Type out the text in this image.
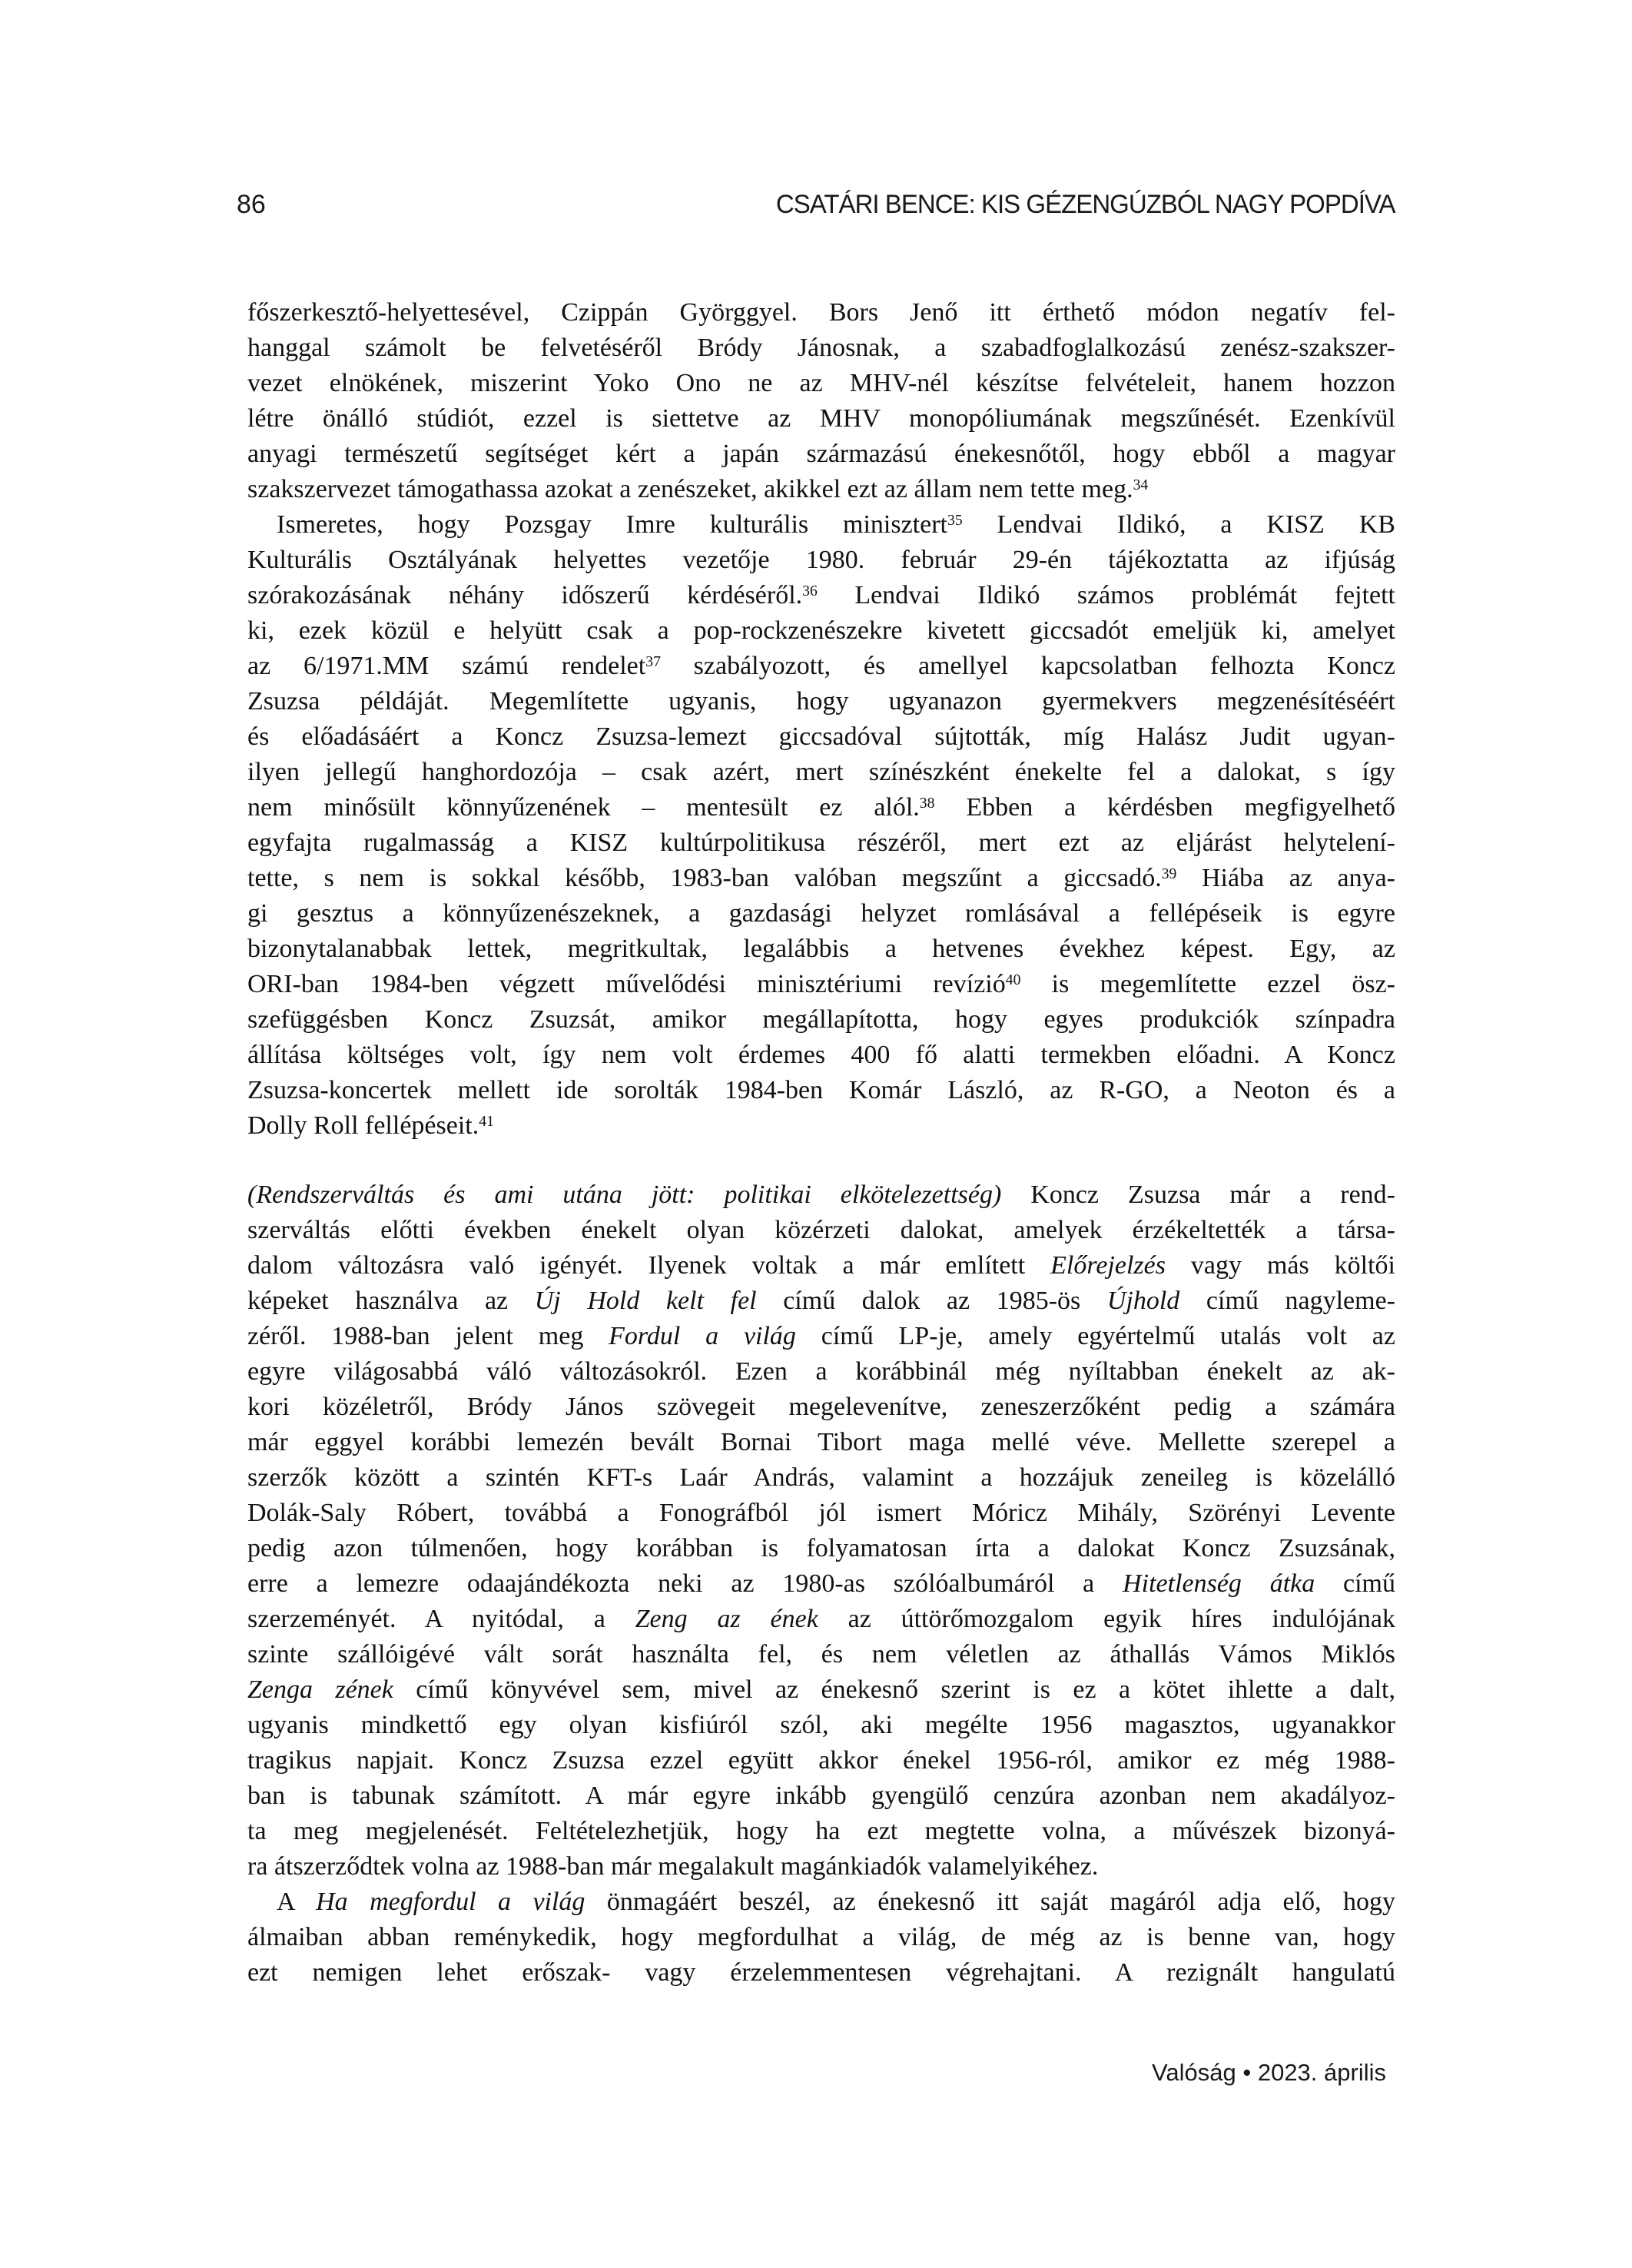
86	CSATÁRI BENCE: KIS GÉZENGÚZBÓL NAGY POPDÍVA
főszerkesztő-helyettesével, Czippán Györggyel. Bors Jenő itt érthető módon negatív fel-
hanggal számolt be felvetéséről Bródy Jánosnak, a szabadfoglalkozású zenész-szakszer-
vezet elnökének, miszerint Yoko Ono ne az MHV-nél készítse felvételeit, hanem hozzon
létre önálló stúdiót, ezzel is siettetve az MHV monopóliumának megszűnését. Ezenkívül
anyagi természetű segítséget kért a japán származású énekesnőtől, hogy ebből a magyar
szakszervezet támogathassa azokat a zenészeket, akikkel ezt az állam nem tette meg.$^{34}$
Ismeretes, hogy Pozsgay Imre kulturális minisztert$^{35}$ Lendvai Ildikó, a KISZ KB
Kulturális Osztályának helyettes vezetője 1980. február 29-én tájékoztatta az ifjúság
szórakozásának néhány időszerű kérdéséről.$^{36}$ Lendvai Ildikó számos problémát fejtett
ki, ezek közül e helyütt csak a pop-rockzenészekre kivetett giccsadót emeljük ki, amelyet
az 6/1971.MM számú rendelet$^{37}$ szabályozott, és amellyel kapcsolatban felhozta Koncz
Zsuzsa példáját. Megemlítette ugyanis, hogy ugyanazon gyermekvers megzenésítéséért
és előadásáért a Koncz Zsuzsa-lemezt giccsadóval sújtották, míg Halász Judit ugyan-
ilyen jellegű hanghordozója – csak azért, mert színészként énekelte fel a dalokat, s így
nem minősült könnyűzenének – mentesült ez alól.$^{38}$ Ebben a kérdésben megfigyelhető
egyfajta rugalmasság a KISZ kultúrpolitikusa részéről, mert ezt az eljárást helytelení-
tette, s nem is sokkal később, 1983-ban valóban megszűnt a giccsadó.$^{39}$ Hiába az anya-
gi gesztus a könnyűzenészeknek, a gazdasági helyzet romlásával a fellépéseik is egyre
bizonytalanabbak lettek, megritkultak, legalábbis a hetvenes évekhez képest. Egy, az
ORI-ban 1984-ben végzett művelődési minisztériumi revízió$^{40}$ is megemlítette ezzel ösz-
szefüggésben Koncz Zsuzsát, amikor megállapította, hogy egyes produkciók színpadra
állítása költséges volt, így nem volt érdemes 400 fő alatti termekben előadni. A Koncz
Zsuzsa-koncertek mellett ide sorolták 1984-ben Komár László, az R-GO, a Neoton és a
Dolly Roll fellépéseit.$^{41}$
(Rendszerváltás és ami utána jött: politikai elkötelezettség) Koncz Zsuzsa már a rend-
szerváltás előtti években énekelt olyan közérzeti dalokat, amelyek érzékeltették a társa-
dalom változásra való igényét. Ilyenek voltak a már említett Előrejelzés vagy más költői
képeket használva az Új Hold kelt fel című dalok az 1985-ös Újhold című nagyleme-
zéről. 1988-ban jelent meg Fordul a világ című LP-je, amely egyértelmű utalás volt az
egyre világosabbá váló változásokról. Ezen a korábbinál még nyíltabban énekelt az ak-
kori közéletről, Bródy János szövegeit megelevenítve, zeneszerzőként pedig a számára
már eggyel korábbi lemezén bevált Bornai Tibort maga mellé véve. Mellette szerepel a
szerzők között a szintén KFT-s Laár András, valamint a hozzájuk zeneileg is közelálló
Dolák-Saly Róbert, továbbá a Fonográfból jól ismert Móricz Mihály, Szörényi Levente
pedig azon túlmenően, hogy korábban is folyamatosan írta a dalokat Koncz Zsuzsának,
erre a lemezre odaajándékozta neki az 1980-as szólóalbumáról a Hitetlenség átka című
szerzeményét. A nyitódal, a Zeng az ének az úttörőmozgalom egyik híres indulójának
szinte szállóigévé vált sorát használta fel, és nem véletlen az áthallás Vámos Miklós
Zenga zének című könyvével sem, mivel az énekesnő szerint is ez a kötet ihlette a dalt,
ugyanis mindkettő egy olyan kisfiúról szól, aki megélte 1956 magasztos, ugyanakkor
tragikus napjait. Koncz Zsuzsa ezzel együtt akkor énekel 1956-ról, amikor ez még 1988-
ban is tabunak számított. A már egyre inkább gyengülő cenzúra azonban nem akadályoz-
ta meg megjelenését. Feltételezhetjük, hogy ha ezt megtette volna, a művészek bizonyá-
ra átszerződtek volna az 1988-ban már megalakult magánkiadók valamelyikéhez.
A Ha megfordul a világ önmagáért beszél, az énekesnő itt saját magáról adja elő, hogy
álmaiban abban reménykedik, hogy megfordulhat a világ, de még az is benne van, hogy
ezt nemigen lehet erőszak- vagy érzelemmentesen végrehajtani. A rezignált hangulatú
Valóság • 2023. április
